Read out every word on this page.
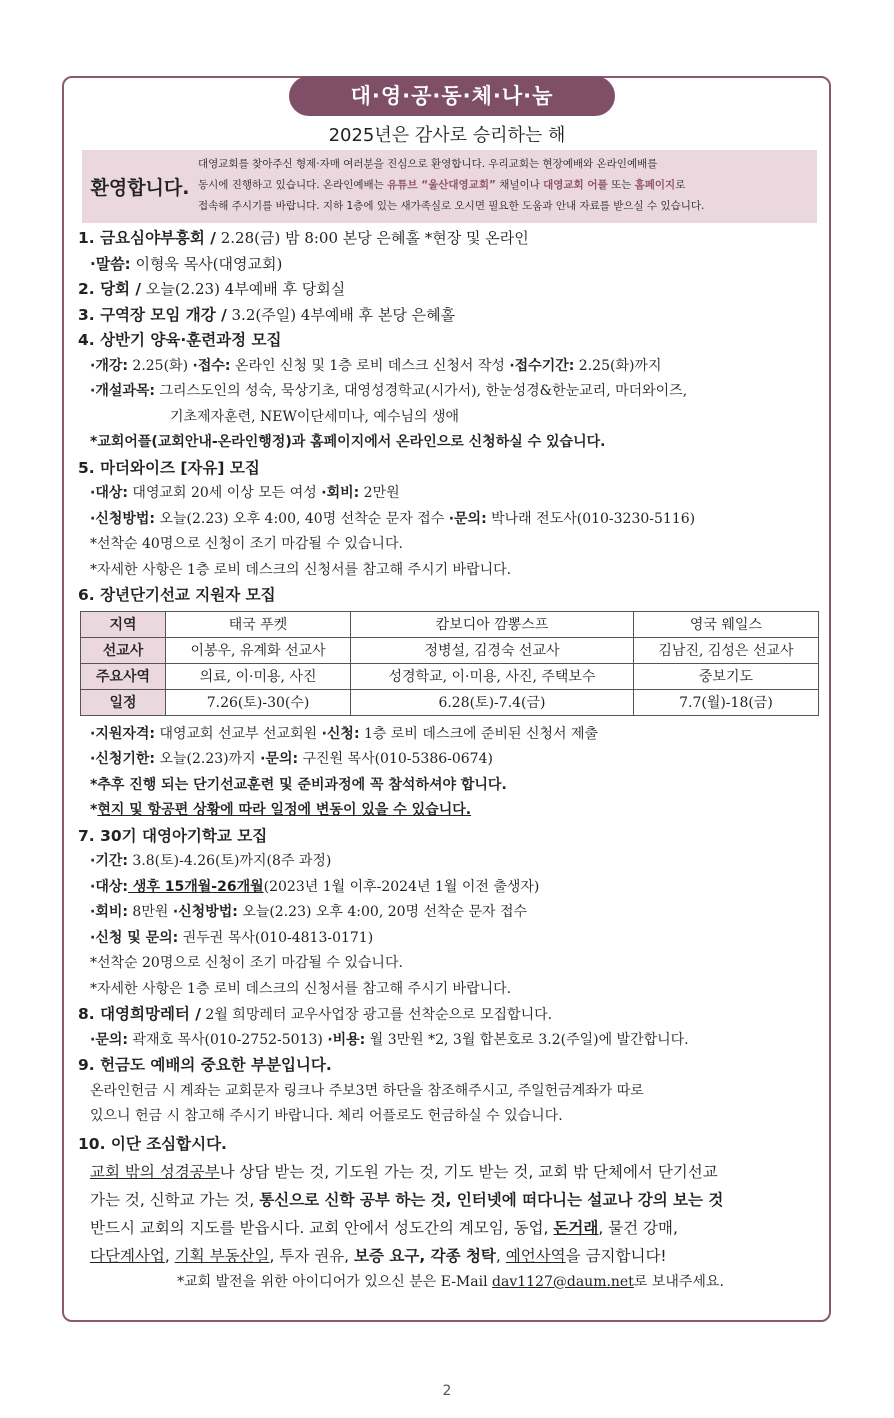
대·영·공·동·체·나·눔
2025년은 감사로 승리하는 해
환영합니다.
대영교회를 찾아주신 형제·자매 여러분을 진심으로 환영합니다. 우리교회는 현장예배와 온라인예배를
동시에 진행하고 있습니다. 온라인예배는 유튜브 “울산대영교회” 채널이나 대영교회 어플 또는 홈페이지로
접속해 주시기를 바랍니다. 지하 1층에 있는 새가족실로 오시면 필요한 도움과 안내 자료를 받으실 수 있습니다.
1. 금요심야부흥회 / 2.28(금) 밤 8:00 본당 은혜홀 *현장 및 온라인
·말씀: 이형욱 목사(대영교회)
2. 당회 / 오늘(2.23) 4부예배 후 당회실
3. 구역장 모임 개강 / 3.2(주일) 4부예배 후 본당 은혜홀
4. 상반기 양육·훈련과정 모집
·개강: 2.25(화) ·접수: 온라인 신청 및 1층 로비 데스크 신청서 작성 ·접수기간: 2.25(화)까지
·개설과목: 그리스도인의 성숙, 묵상기초, 대영성경학교(시가서), 한눈성경&한눈교리, 마더와이즈,
기초제자훈련, NEW이단세미나, 예수님의 생애
*교회어플(교회안내-온라인행정)과 홈페이지에서 온라인으로 신청하실 수 있습니다.
5. 마더와이즈 [자유] 모집
·대상: 대영교회 20세 이상 모든 여성 ·회비: 2만원
·신청방법: 오늘(2.23) 오후 4:00, 40명 선착순 문자 접수 ·문의: 박나래 전도사(010-3230-5116)
*선착순 40명으로 신청이 조기 마감될 수 있습니다.
*자세한 사항은 1층 로비 데스크의 신청서를 참고해 주시기 바랍니다.
6. 장년단기선교 지원자 모집
지역	태국 푸켓	캄보디아 깜뽕스프	영국 웨일스
선교사	이봉우, 유계화 선교사	정병설, 김경숙 선교사	김남진, 김성은 선교사
주요사역	의료, 이·미용, 사진	성경학교, 이·미용, 사진, 주택보수	중보기도
일정	7.26(토)-30(수)	6.28(토)-7.4(금)	7.7(월)-18(금)
·지원자격: 대영교회 선교부 선교회원 ·신청: 1층 로비 데스크에 준비된 신청서 제출
·신청기한: 오늘(2.23)까지 ·문의: 구진원 목사(010-5386-0674)
*추후 진행 되는 단기선교훈련 및 준비과정에 꼭 참석하셔야 합니다.
*현지 및 항공편 상황에 따라 일정에 변동이 있을 수 있습니다.
7. 30기 대영아기학교 모집
·기간: 3.8(토)-4.26(토)까지(8주 과정)
·대상: 생후 15개월-26개월(2023년 1월 이후-2024년 1월 이전 출생자)
·회비: 8만원 ·신청방법: 오늘(2.23) 오후 4:00, 20명 선착순 문자 접수
·신청 및 문의: 권두권 목사(010-4813-0171)
*선착순 20명으로 신청이 조기 마감될 수 있습니다.
*자세한 사항은 1층 로비 데스크의 신청서를 참고해 주시기 바랍니다.
8. 대영희망레터 / 2월 희망레터 교우사업장 광고를 선착순으로 모집합니다.
·문의: 곽재호 목사(010-2752-5013) ·비용: 월 3만원 *2, 3월 합본호로 3.2(주일)에 발간합니다.
9. 헌금도 예배의 중요한 부분입니다.
온라인헌금 시 계좌는 교회문자 링크나 주보3면 하단을 참조해주시고, 주일헌금계좌가 따로
있으니 헌금 시 참고해 주시기 바랍니다. 체리 어플로도 헌금하실 수 있습니다.
10. 이단 조심합시다.
교회 밖의 성경공부나 상담 받는 것, 기도원 가는 것, 기도 받는 것, 교회 밖 단체에서 단기선교
가는 것, 신학교 가는 것, 통신으로 신학 공부 하는 것, 인터넷에 떠다니는 설교나 강의 보는 것
반드시 교회의 지도를 받읍시다. 교회 안에서 성도간의 계모임, 동업, 돈거래, 물건 강매,
다단계사업, 기획 부동산일, 투자 권유, 보증 요구, 각종 청탁, 예언사역을 금지합니다!
*교회 발전을 위한 아이디어가 있으신 분은 E-Mail dav1127@daum.net로 보내주세요.
2
